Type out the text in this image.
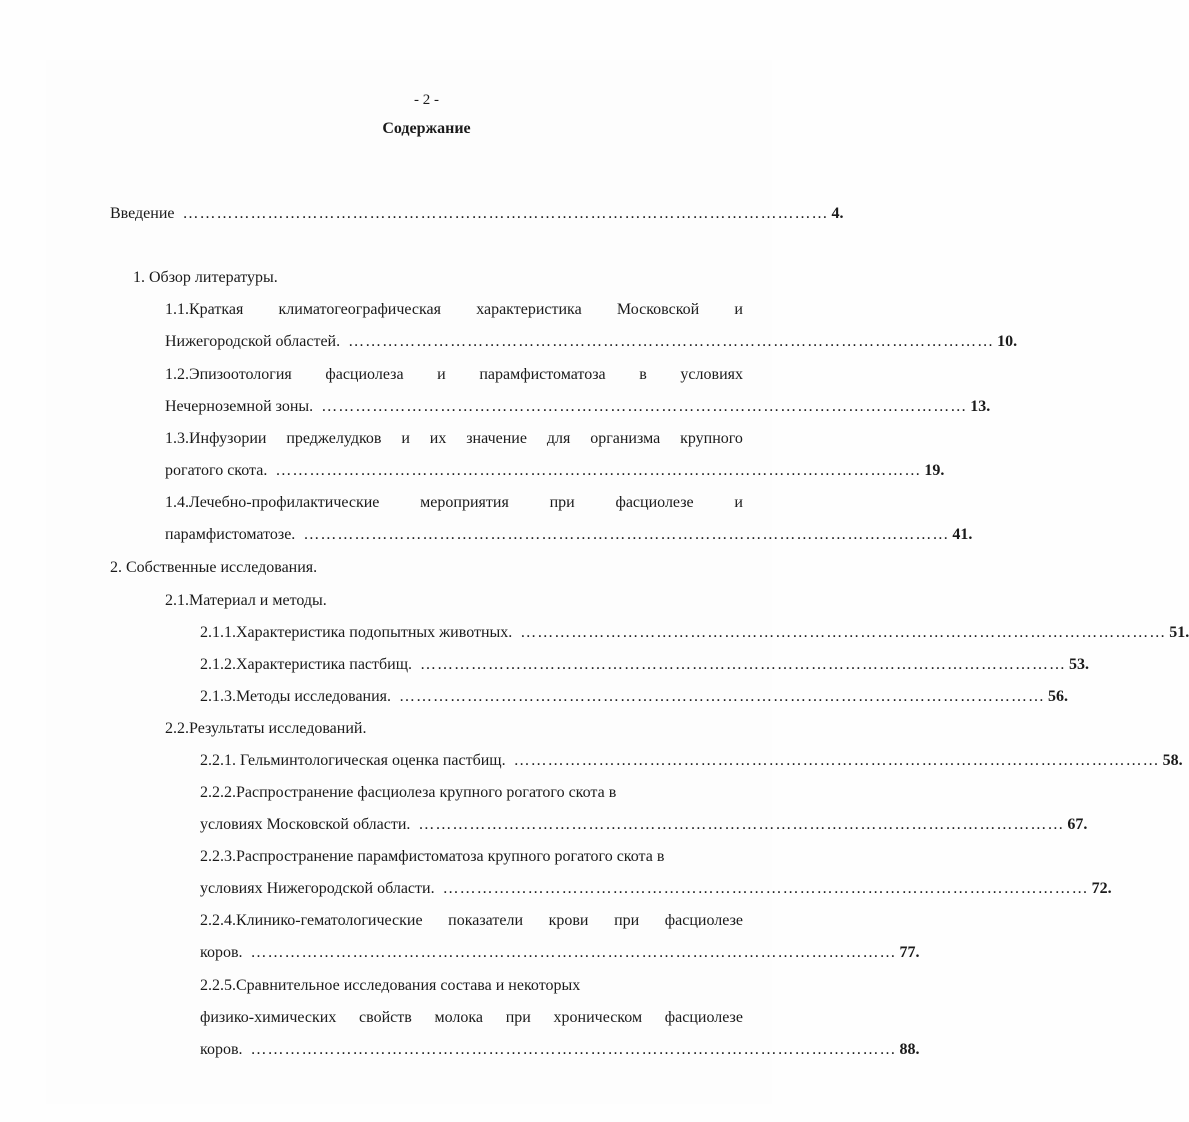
- 2 -
Содержание
Введение …………………………………………………………………………………………………… 4.
1. Обзор литературы.
1.1.Краткая климатогеографическая характеристика Московской и
Нижегородской областей. …………………………………………………………………………………………………… 10.
1.2.Эпизоотология фасциолеза и парамфистоматоза в условиях
Нечерноземной зоны. …………………………………………………………………………………………………… 13.
1.3.Инфузории преджелудков и их значение для организма крупного
рогатого скота. …………………………………………………………………………………………………… 19.
1.4.Лечебно-профилактические	мероприятия	при	фасциолезе	и
парамфистоматозе. …………………………………………………………………………………………………… 41.
2. Собственные исследования.
2.1.Материал и методы.
2.1.1.Характеристика подопытных животных. …………………………………………………………………………………………………… 51.
2.1.2.Характеристика пастбищ. …………………………………………………………………………………………………… 53.
2.1.3.Методы исследования. …………………………………………………………………………………………………… 56.
2.2.Результаты исследований.
2.2.1. Гельминтологическая оценка пастбищ. …………………………………………………………………………………………………… 58.
2.2.2.Распространение фасциолеза крупного рогатого скота в
условиях Московской области. …………………………………………………………………………………………………… 67.
2.2.3.Распространение парамфистоматоза крупного рогатого скота в
условиях Нижегородской области. …………………………………………………………………………………………………… 72.
2.2.4.Клинико-гематологические показатели крови при фасциолезе
коров. …………………………………………………………………………………………………… 77.
2.2.5.Сравнительное исследования состава и некоторых
физико-химических свойств молока при хроническом фасциолезе
коров. …………………………………………………………………………………………………… 88.
